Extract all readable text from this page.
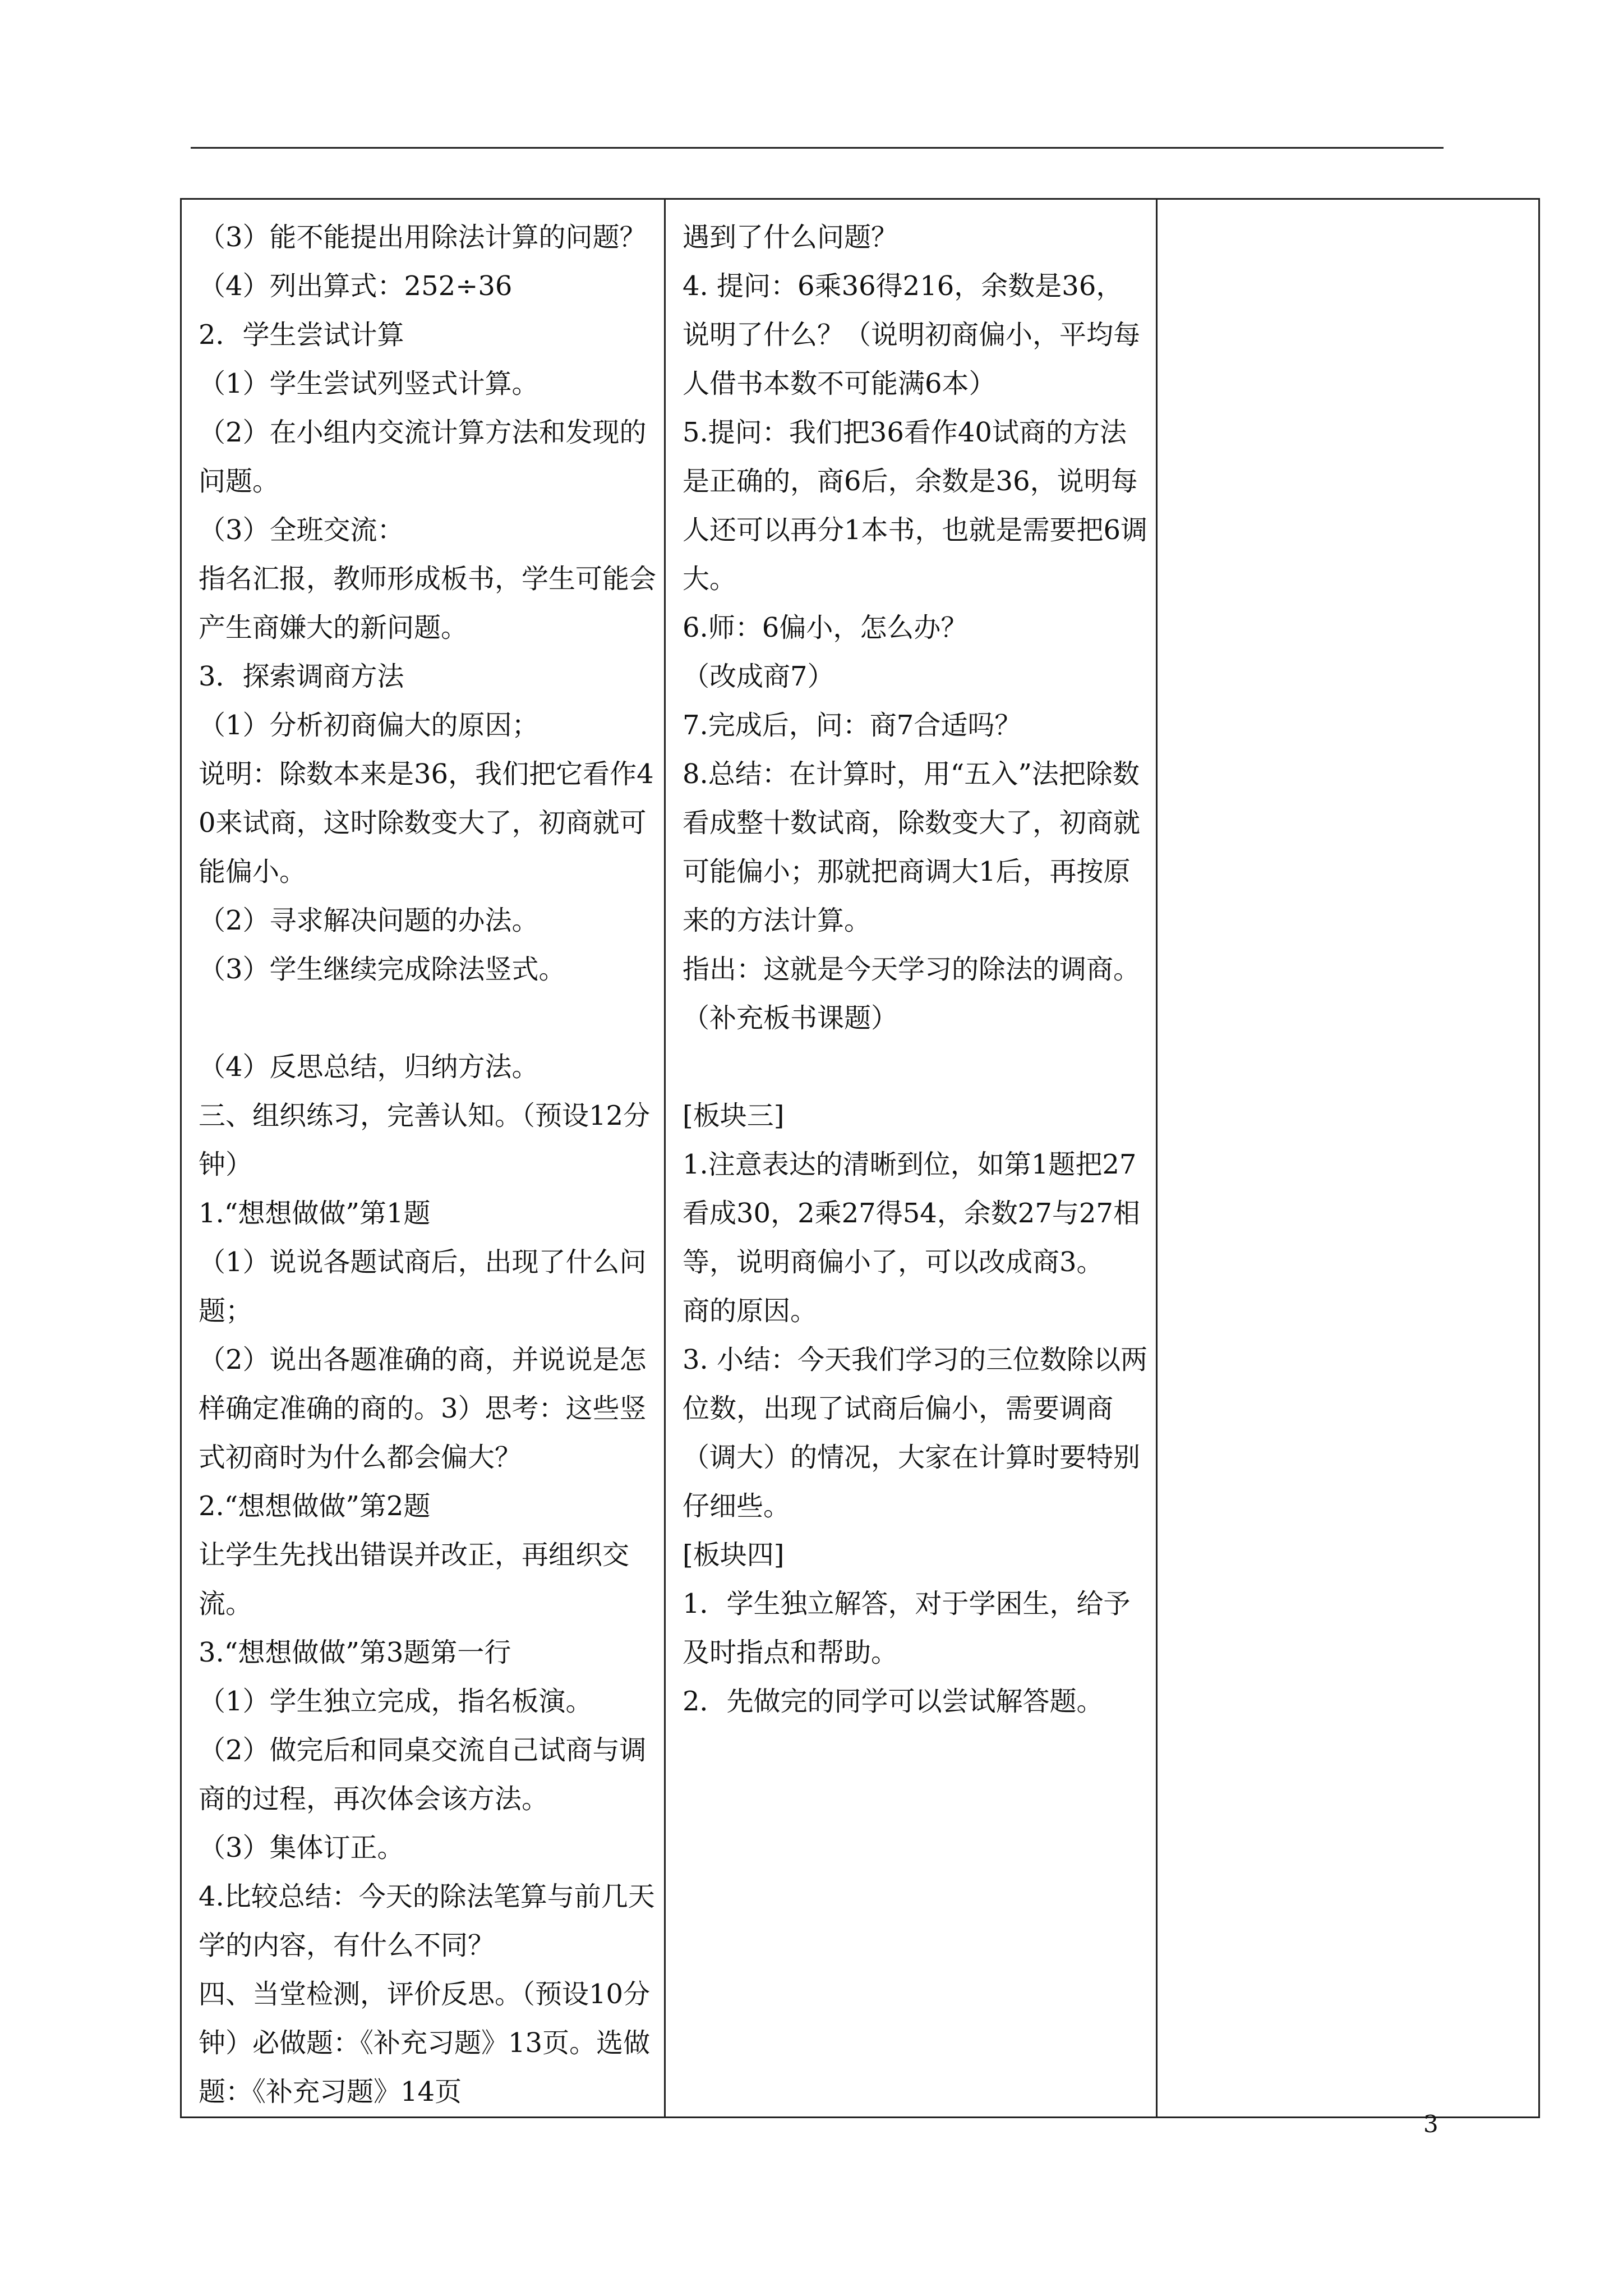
（3）能不能提出用除法计算的问题？
（4）列出算式：252÷36
2．学生尝试计算
（1）学生尝试列竖式计算。
（2）在小组内交流计算方法和发现的问题。
（3）全班交流：
指名汇报，教师形成板书，学生可能会产生商嫌大的新问题。
3．探索调商方法
（1）分析初商偏大的原因；
说明：除数本来是36，我们把它看作40来试商，这时除数变大了，初商就可能偏小。
（2）寻求解决问题的办法。
（3）学生继续完成除法竖式。

（4）反思总结，归纳方法。
三、组织练习，完善认知。（预设12分钟）
1.“想想做做”第1题
（1）说说各题试商后，出现了什么问题；
（2）说出各题准确的商，并说说是怎样确定准确的商的。3）思考：这些竖式初商时为什么都会偏大？
2.“想想做做”第2题
让学生先找出错误并改正，再组织交流。
3.“想想做做”第3题第一行
（1）学生独立完成，指名板演。
（2）做完后和同桌交流自己试商与调商的过程，再次体会该方法。
（3）集体订正。
4.比较总结：今天的除法笔算与前几天学的内容，有什么不同？
四、当堂检测，评价反思。（预设10分钟）必做题：《补充习题》13页。选做题：《补充习题》14页

遇到了什么问题？
4. 提问：6乘36得216，余数是36，说明了什么？（说明初商偏小，平均每人借书本数不可能满6本）
5.提问：我们把36看作40试商的方法是正确的，商6后，余数是36，说明每人还可以再分1本书，也就是需要把6调大。
6.师：6偏小，怎么办？
（改成商7）
7.完成后，问：商7合适吗？
8.总结：在计算时，用“五入”法把除数看成整十数试商，除数变大了，初商就可能偏小；那就把商调大1后，再按原来的方法计算。
指出：这就是今天学习的除法的调商。（补充板书课题）

[板块三]
1.注意表达的清晰到位，如第1题把27看成30，2乘27得54，余数27与27相等，说明商偏小了，可以改成商3。
商的原因。
3. 小结：今天我们学习的三位数除以两位数，出现了试商后偏小，需要调商（调大）的情况，大家在计算时要特别仔细些。
[板块四]
1．学生独立解答，对于学困生，给予及时指点和帮助。
2．先做完的同学可以尝试解答题。

3
